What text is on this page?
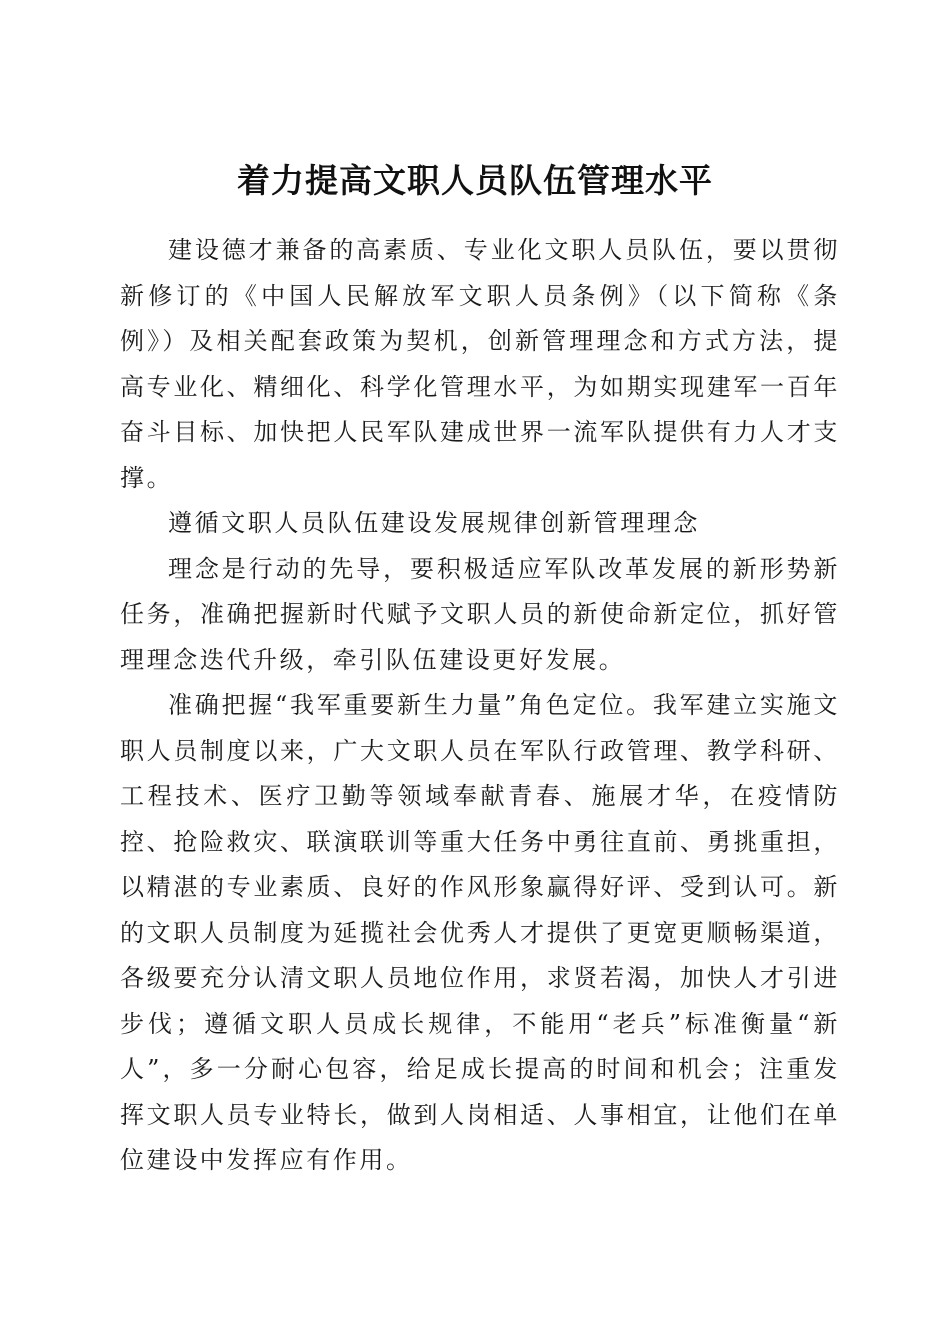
着力提高文职人员队伍管理水平

建设德才兼备的高素质、专业化文职人员队伍，要以贯彻新修订的《中国人民解放军文职人员条例》（以下简称《条例》）及相关配套政策为契机，创新管理理念和方式方法，提高专业化、精细化、科学化管理水平，为如期实现建军一百年奋斗目标、加快把人民军队建成世界一流军队提供有力人才支撑。

遵循文职人员队伍建设发展规律创新管理理念

理念是行动的先导，要积极适应军队改革发展的新形势新任务，准确把握新时代赋予文职人员的新使命新定位，抓好管理理念迭代升级，牵引队伍建设更好发展。

准确把握“我军重要新生力量”角色定位。我军建立实施文职人员制度以来，广大文职人员在军队行政管理、教学科研、工程技术、医疗卫勤等领域奉献青春、施展才华，在疫情防控、抢险救灾、联演联训等重大任务中勇往直前、勇挑重担，以精湛的专业素质、良好的作风形象赢得好评、受到认可。新的文职人员制度为延揽社会优秀人才提供了更宽更顺畅渠道，各级要充分认清文职人员地位作用，求贤若渴，加快人才引进步伐；遵循文职人员成长规律，不能用“老兵”标准衡量“新人”，多一分耐心包容，给足成长提高的时间和机会；注重发挥文职人员专业特长，做到人岗相适、人事相宜，让他们在单位建设中发挥应有作用。
